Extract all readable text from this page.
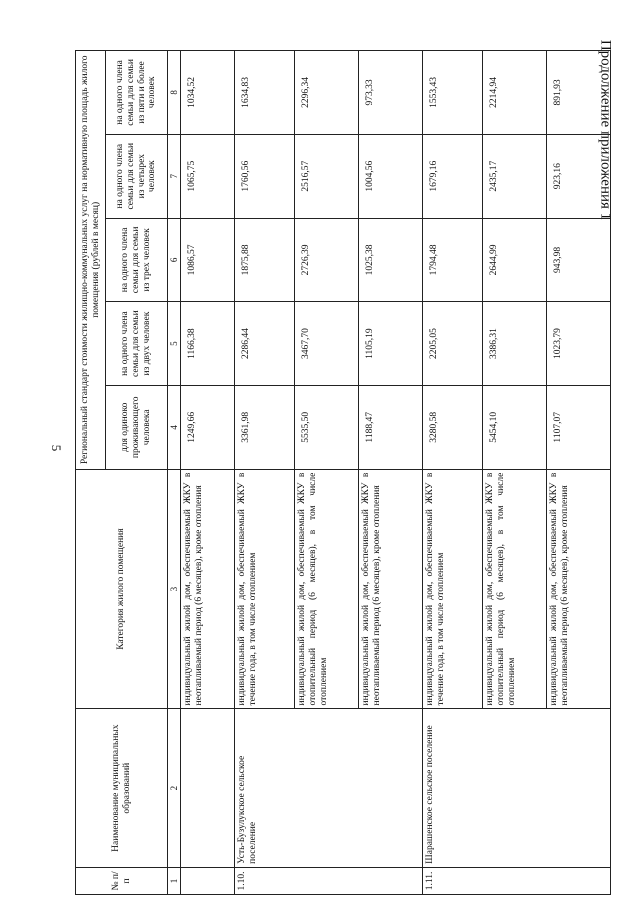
5
Продолжение приложения 1
№ п/п	Наименование муниципальных образований	Категория жилого помещения	Региональный стандарт стоимости жилищно-коммунальных услуг на нормативную площадь жилого помещения (рублей в месяц)				
			для одиноко проживающего человека	на одного члена семьи для семьи из двух человек	на одного члена семьи для семьи из трех человек	на одного члена семьи для семьи из четырех человек	на одного члена семьи для семьи из пяти и более человек
1	2	3	4	5	6	7	8
		индивидуальный жилой дом, обеспечиваемый ЖКУ в неотапливаемый период (6 месяцев), кроме отопления	1249,66	1166,38	1086,57	1065,75	1034,52
1.10.	Усть-Бузулукское сельское поселение	индивидуальный жилой дом, обеспечиваемый ЖКУ в течение года, в том числе отоплением	3361,98	2286,44	1875,88	1760,56	1634,83
		индивидуальный жилой дом, обеспечиваемый ЖКУ в отопительный период (6 месяцев), в том числе отоплением	5535,50	3467,70	2726,39	2516,57	2296,34
		индивидуальный жилой дом, обеспечиваемый ЖКУ в неотапливаемый период (6 месяцев), кроме отопления	1188,47	1105,19	1025,38	1004,56	973,33
1.11.	Шарашенское сельское поселение	индивидуальный жилой дом, обеспечиваемый ЖКУ в течение года, в том числе отоплением	3280,58	2205,05	1794,48	1679,16	1553,43
		индивидуальный жилой дом, обеспечиваемый ЖКУ в отопительный период (6 месяцев), в том числе отоплением	5454,10	3386,31	2644,99	2435,17	2214,94
		индивидуальный жилой дом, обеспечиваемый ЖКУ в неотапливаемый период (6 месяцев), кроме отопления	1107,07	1023,79	943,98	923,16	891,93
